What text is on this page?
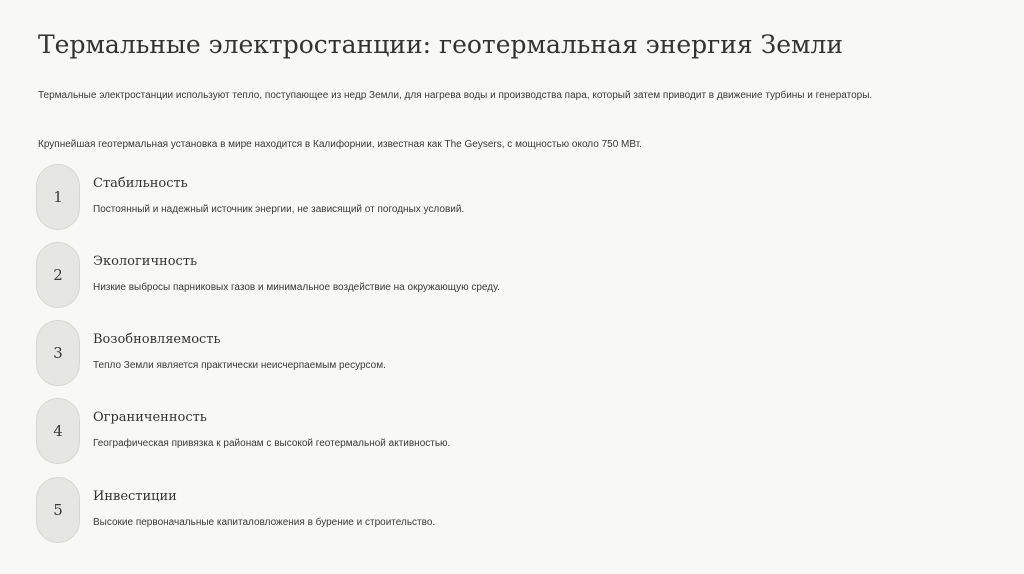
Термальные электростанции: геотермальная энергия Земли
Термальные электростанции используют тепло, поступающее из недр Земли, для нагрева воды и производства пара, который затем приводит в движение турбины и генераторы.
Крупнейшая геотермальная установка в мире находится в Калифорнии, известная как The Geysers, с мощностью около 750 МВт.
1
Стабильность
Постоянный и надежный источник энергии, не зависящий от погодных условий.
2
Экологичность
Низкие выбросы парниковых газов и минимальное воздействие на окружающую среду.
3
Возобновляемость
Тепло Земли является практически неисчерпаемым ресурсом.
4
Ограниченность
Географическая привязка к районам с высокой геотермальной активностью.
5
Инвестиции
Высокие первоначальные капиталовложения в бурение и строительство.
